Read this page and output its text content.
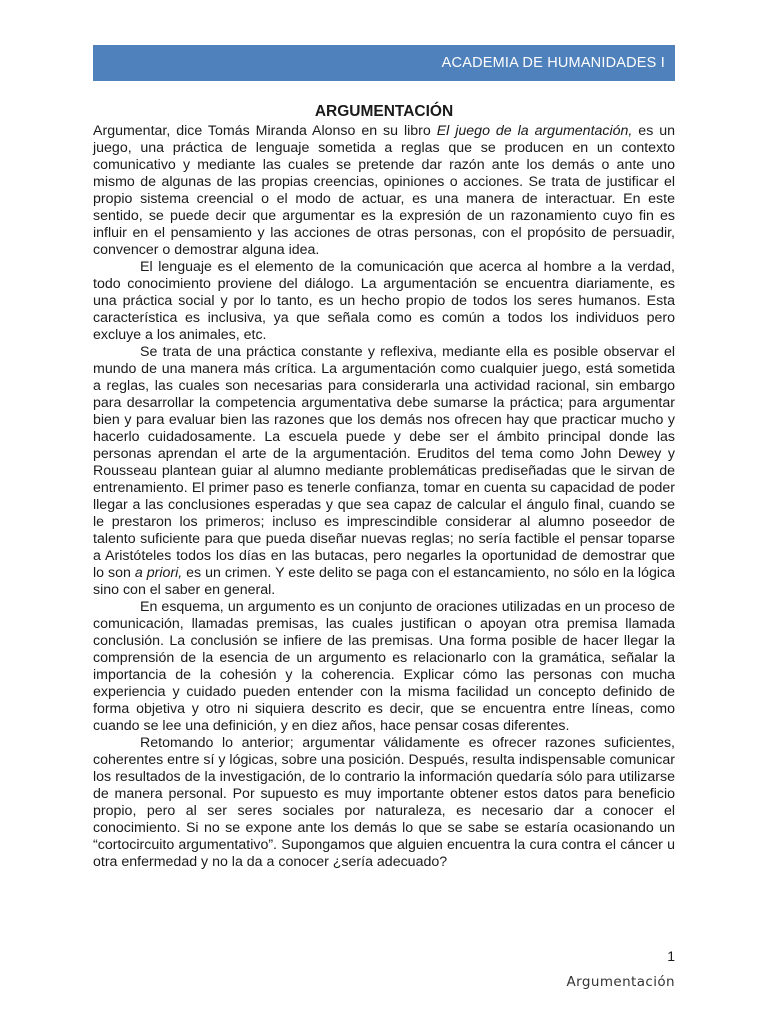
ACADEMIA DE HUMANIDADES I
ARGUMENTACIÓN

Argumentar, dice Tomás Miranda Alonso en su libro El juego de la argumentación, es un juego, una práctica de lenguaje sometida a reglas que se producen en un contexto comunicativo y mediante las cuales se pretende dar razón ante los demás o ante uno mismo de algunas de las propias creencias, opiniones o acciones. Se trata de justificar el propio sistema creencial o el modo de actuar, es una manera de interactuar. En este sentido, se puede decir que argumentar es la expresión de un razonamiento cuyo fin es influir en el pensamiento y las acciones de otras personas, con el propósito de persuadir, convencer o demostrar alguna idea.

El lenguaje es el elemento de la comunicación que acerca al hombre a la verdad, todo conocimiento proviene del diálogo. La argumentación se encuentra diariamente, es una práctica social y por lo tanto, es un hecho propio de todos los seres humanos. Esta característica es inclusiva, ya que señala como es común a todos los individuos pero excluye a los animales, etc.

Se trata de una práctica constante y reflexiva, mediante ella es posible observar el mundo de una manera más crítica. La argumentación como cualquier juego, está sometida a reglas, las cuales son necesarias para considerarla una actividad racional, sin embargo para desarrollar la competencia argumentativa debe sumarse la práctica; para argumentar bien y para evaluar bien las razones que los demás nos ofrecen hay que practicar mucho y hacerlo cuidadosamente. La escuela puede y debe ser el ámbito principal donde las personas aprendan el arte de la argumentación. Eruditos del tema como John Dewey y Rousseau plantean guiar al alumno mediante problemáticas prediseñadas que le sirvan de entrenamiento. El primer paso es tenerle confianza, tomar en cuenta su capacidad de poder llegar a las conclusiones esperadas y que sea capaz de calcular el ángulo final, cuando se le prestaron los primeros; incluso es imprescindible considerar al alumno poseedor de talento suficiente para que pueda diseñar nuevas reglas; no sería factible el pensar toparse a Aristóteles todos los días en las butacas, pero negarles la oportunidad de demostrar que lo son a priori, es un crimen. Y este delito se paga con el estancamiento, no sólo en la lógica sino con el saber en general.

En esquema, un argumento es un conjunto de oraciones utilizadas en un proceso de comunicación, llamadas premisas, las cuales justifican o apoyan otra premisa llamada conclusión. La conclusión se infiere de las premisas. Una forma posible de hacer llegar la comprensión de la esencia de un argumento es relacionarlo con la gramática, señalar la importancia de la cohesión y la coherencia. Explicar cómo las personas con mucha experiencia y cuidado pueden entender con la misma facilidad un concepto definido de forma objetiva y otro ni siquiera descrito es decir, que se encuentra entre líneas, como cuando se lee una definición, y en diez años, hace pensar cosas diferentes.

Retomando lo anterior; argumentar válidamente es ofrecer razones suficientes, coherentes entre sí y lógicas, sobre una posición. Después, resulta indispensable comunicar los resultados de la investigación, de lo contrario la información quedaría sólo para utilizarse de manera personal. Por supuesto es muy importante obtener estos datos para beneficio propio, pero al ser seres sociales por naturaleza, es necesario dar a conocer el conocimiento. Si no se expone ante los demás lo que se sabe se estaría ocasionando un “cortocircuito argumentativo”. Supongamos que alguien encuentra la cura contra el cáncer u otra enfermedad y no la da a conocer ¿sería adecuado?

1
Argumentación
